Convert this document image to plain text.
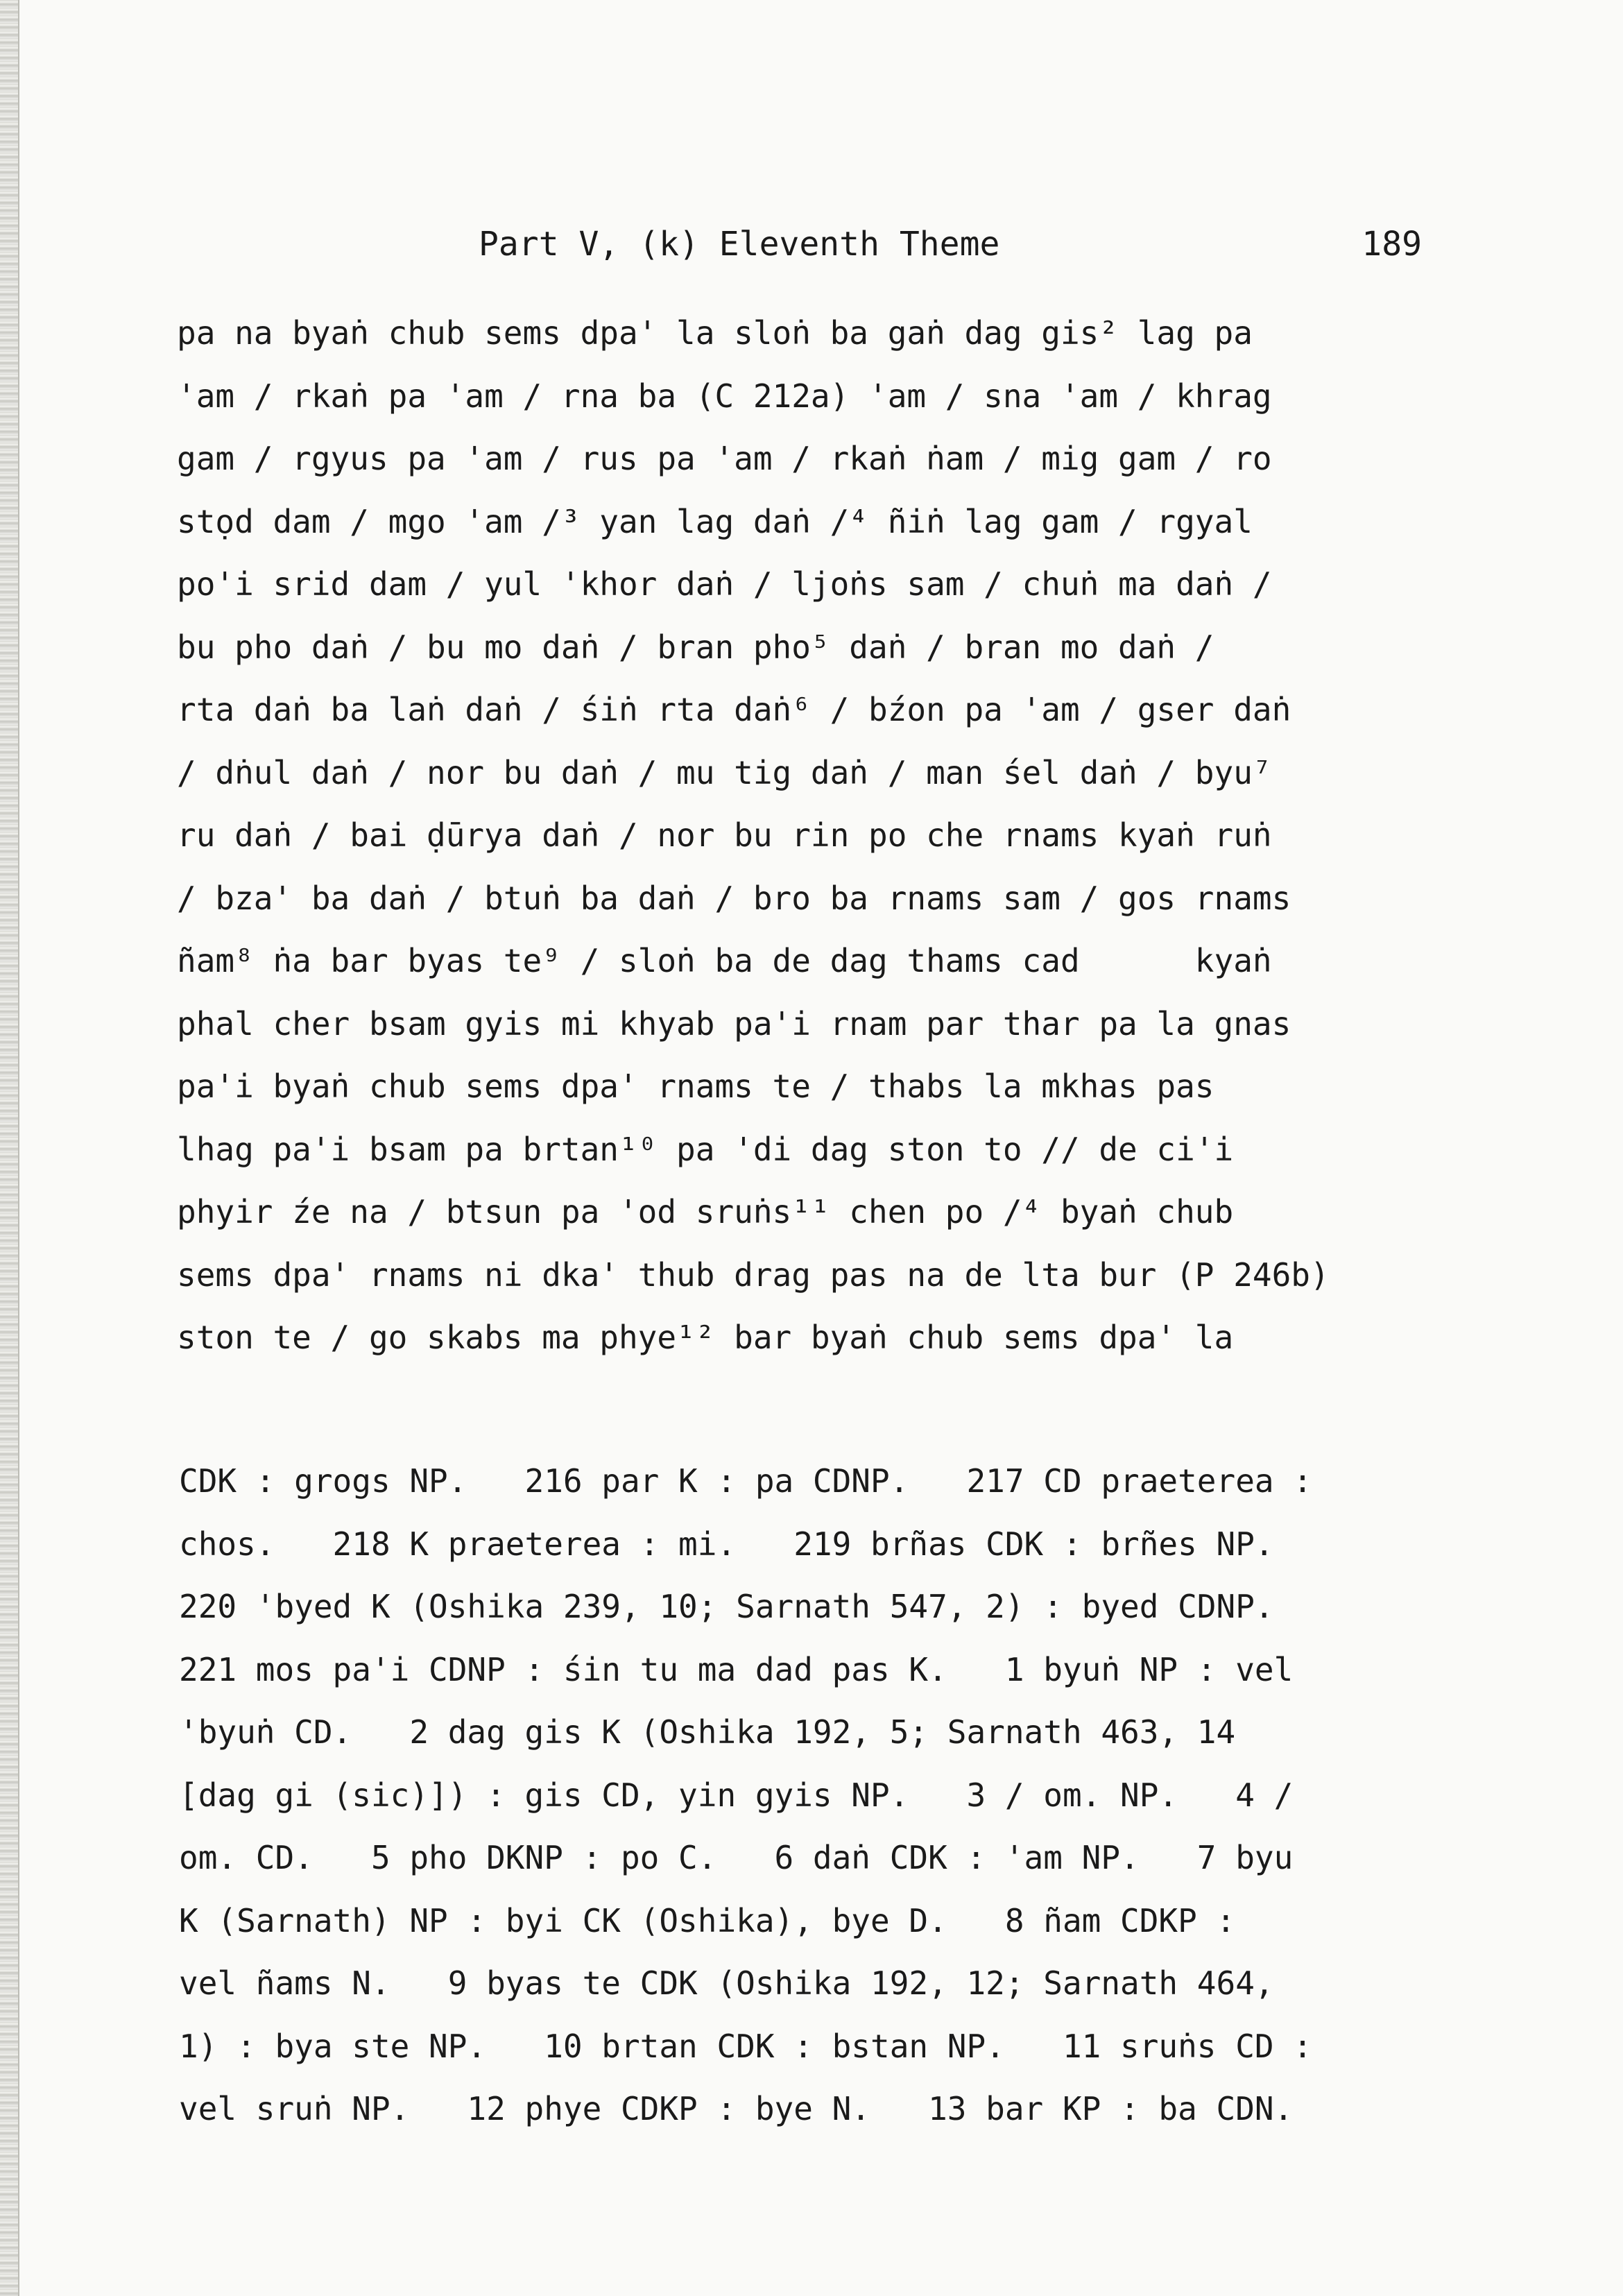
Part V, (k) Eleventh Theme	189
pa na byaṅ chub sems dpa' la sloṅ ba gaṅ dag gis² lag pa
'am / rkaṅ pa 'am / rna ba (C 212a) 'am / sna 'am / khrag
gam / rgyus pa 'am / rus pa 'am / rkaṅ ṅam / mig gam / ro
stọd dam / mgo 'am /³ yan lag daṅ /⁴ ñiṅ lag gam / rgyal
po'i srid dam / yul 'khor daṅ / ljoṅs sam / chuṅ ma daṅ /
bu pho daṅ / bu mo daṅ / bran pho⁵ daṅ / bran mo daṅ /
rta daṅ ba laṅ daṅ / śiṅ rta daṅ⁶ / bźon pa 'am / gser daṅ
/ dṅul daṅ / nor bu daṅ / mu tig daṅ / man śel daṅ / byu⁷
ru daṅ / bai ḍūrya daṅ / nor bu rin po che rnams kyaṅ ruṅ
/ bza' ba daṅ / btuṅ ba daṅ / bro ba rnams sam / gos rnams
ñam⁸ ṅa bar byas te⁹ / sloṅ ba de dag thams cad      kyaṅ
phal cher bsam gyis mi khyab pa'i rnam par thar pa la gnas
pa'i byaṅ chub sems dpa' rnams te / thabs la mkhas pas
lhag pa'i bsam pa brtan¹⁰ pa 'di dag ston to // de ci'i
phyir źe na / btsun pa 'od sruṅs¹¹ chen po /⁴ byaṅ chub
sems dpa' rnams ni dka' thub drag pas na de lta bur (P 246b)
ston te / go skabs ma phye¹² bar byaṅ chub sems dpa' la
CDK : grogs NP.   216 par K : pa CDNP.   217 CD praeterea :
chos.   218 K praeterea : mi.   219 brñas CDK : brñes NP.
220 'byed K (Oshika 239, 10; Sarnath 547, 2) : byed CDNP.
221 mos pa'i CDNP : śin tu ma dad pas K.   1 byuṅ NP : vel
'byuṅ CD.   2 dag gis K (Oshika 192, 5; Sarnath 463, 14
[dag gi (sic)]) : gis CD, yin gyis NP.   3 / om. NP.   4 /
om. CD.   5 pho DKNP : po C.   6 daṅ CDK : 'am NP.   7 byu
K (Sarnath) NP : byi CK (Oshika), bye D.   8 ñam CDKP :
vel ñams N.   9 byas te CDK (Oshika 192, 12; Sarnath 464,
1) : bya ste NP.   10 brtan CDK : bstan NP.   11 sruṅs CD :
vel sruṅ NP.   12 phye CDKP : bye N.   13 bar KP : ba CDN.
